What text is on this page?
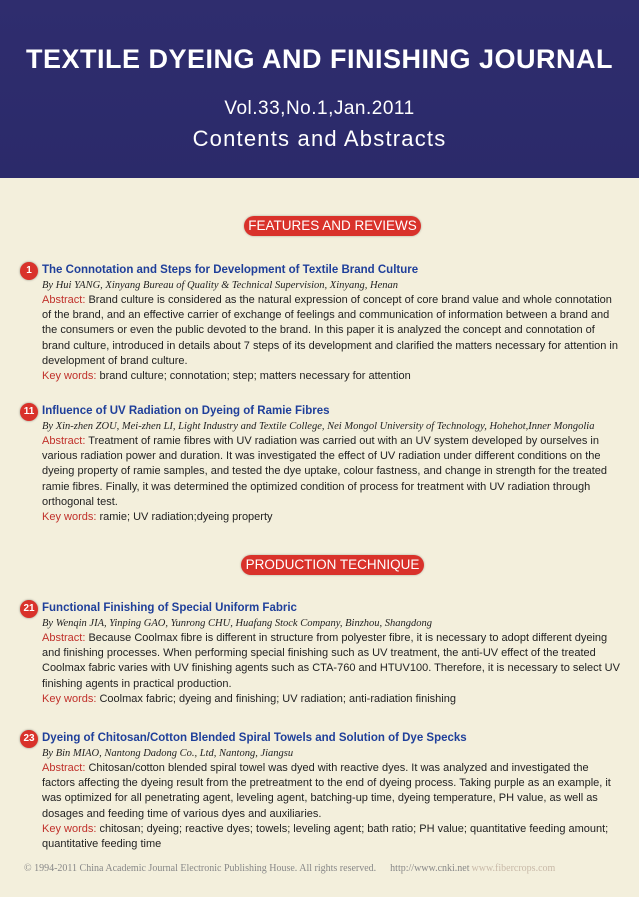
TEXTILE DYEING AND FINISHING JOURNAL
Vol.33,No.1,Jan.2011
Contents and Abstracts
FEATURES AND REVIEWS
1 The Connotation and Steps for Development of Textile Brand Culture
By Hui YANG, Xinyang Bureau of Quality & Technical Supervision, Xinyang, Henan
Abstract: Brand culture is considered as the natural expression of concept of core brand value and whole connotation of the brand, and an effective carrier of exchange of feelings and communication of information between a brand and the consumers or even the public devoted to the brand. In this paper it is analyzed the concept and connotation of brand culture, introduced in details about 7 steps of its development and clarified the matters necessary for attention in development of brand culture.
Key words: brand culture; connotation; step; matters necessary for attention
11 Influence of UV Radiation on Dyeing of Ramie Fibres
By Xin-zhen ZOU, Mei-zhen LI, Light Industry and Textile College, Nei Mongol University of Technology, Hohehot,Inner Mongolia
Abstract: Treatment of ramie fibres with UV radiation was carried out with an UV system developed by ourselves in various radiation power and duration. It was investigated the effect of UV radiation under different conditions on the dyeing property of ramie samples, and tested the dye uptake, colour fastness, and change in strength for the treated ramie fibres. Finally, it was determined the optimized condition of process for treatment with UV radiation through orthogonal test.
Key words: ramie; UV radiation;dyeing property
PRODUCTION TECHNIQUE
21 Functional Finishing of Special Uniform Fabric
By Wenqin JIA, Yinping GAO, Yunrong CHU, Huafang Stock Company, Binzhou, Shangdong
Abstract: Because Coolmax fibre is different in structure from polyester fibre, it is necessary to adopt different dyeing and finishing processes. When performing special finishing such as UV treatment, the anti-UV effect of the treated Coolmax fabric varies with UV finishing agents such as CTA-760 and HTUV100. Therefore, it is necessary to select UV finishing agents in practical production.
Key words: Coolmax fabric; dyeing and finishing; UV radiation; anti-radiation finishing
23 Dyeing of Chitosan/Cotton Blended Spiral Towels and Solution of Dye Specks
By Bin MIAO, Nantong Dadong Co., Ltd, Nantong, Jiangsu
Abstract: Chitosan/cotton blended spiral towel was dyed with reactive dyes. It was analyzed and investigated the factors affecting the dyeing result from the pretreatment to the end of dyeing process. Taking purple as an example, it was optimized for all penetrating agent, leveling agent, batching-up time, dyeing temperature, PH value, as well as dosages and feeding time of various dyes and auxiliaries.
Key words: chitosan; dyeing; reactive dyes; towels; leveling agent; bath ratio; PH value; quantitative feeding amount; quantitative feeding time
© 1994-2011 China Academic Journal Electronic Publishing House. All rights reserved. http://www.cnki.net www.fibercrops.com
